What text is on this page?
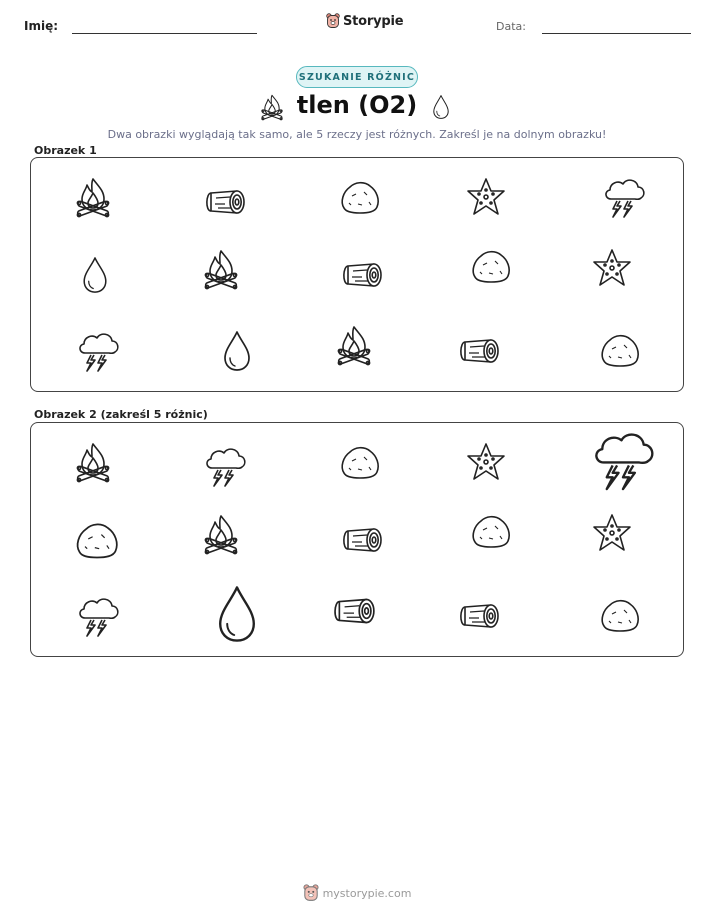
Imię:	Storypie	Data:
SZUKANIE RÓŻNIC
tlen (O2)
Dwa obrazki wyglądają tak samo, ale 5 rzeczy jest różnych. Zakreśl je na dolnym obrazku!
Obrazek 1
Obrazek 2 (zakreśl 5 różnic)
mystorypie.com
